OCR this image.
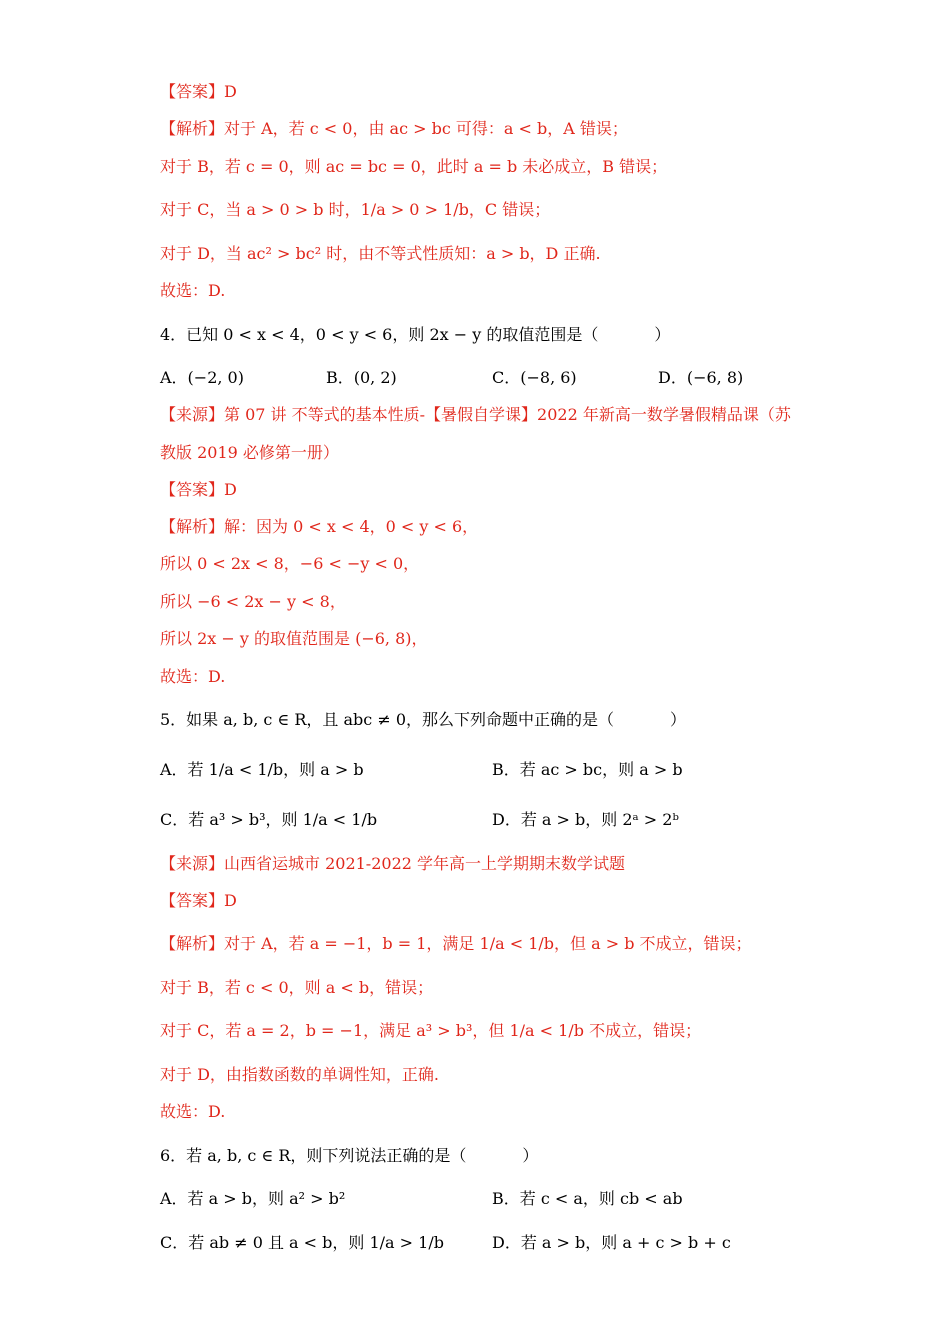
【答案】D
【解析】对于 A，若 c < 0，由 ac > bc 可得：a < b，A 错误；
对于 B，若 c = 0，则 ac = bc = 0，此时 a = b 未必成立，B 错误；
对于 C，当 a > 0 > b 时，1/a > 0 > 1/b，C 错误；
对于 D，当 ac² > bc² 时，由不等式性质知：a > b，D 正确.
故选：D.
4．已知 0 < x < 4，0 < y < 6，则 2x − y 的取值范围是（	）
A．(−2, 0)	B．(0, 2)	C．(−8, 6)	D．(−6, 8)
【来源】第 07 讲 不等式的基本性质-【暑假自学课】2022 年新高一数学暑假精品课（苏
教版 2019 必修第一册）
【答案】D
【解析】解：因为 0 < x < 4，0 < y < 6，
所以 0 < 2x < 8，−6 < −y < 0，
所以 −6 < 2x − y < 8，
所以 2x − y 的取值范围是 (−6, 8)，
故选：D.
5．如果 a, b, c ∈ R，且 abc ≠ 0，那么下列命题中正确的是（	）
A．若 1/a < 1/b，则 a > b	B．若 ac > bc，则 a > b
C．若 a³ > b³，则 1/a < 1/b	D．若 a > b，则 2ᵃ > 2ᵇ
【来源】山西省运城市 2021-2022 学年高一上学期期末数学试题
【答案】D
【解析】对于 A，若 a = −1，b = 1，满足 1/a < 1/b，但 a > b 不成立，错误；
对于 B，若 c < 0，则 a < b，错误；
对于 C，若 a = 2，b = −1，满足 a³ > b³，但 1/a < 1/b 不成立，错误；
对于 D，由指数函数的单调性知，正确.
故选：D.
6．若 a, b, c ∈ R，则下列说法正确的是（	）
A．若 a > b，则 a² > b²	B．若 c < a，则 cb < ab
C．若 ab ≠ 0 且 a < b，则 1/a > 1/b	D．若 a > b，则 a + c > b + c
